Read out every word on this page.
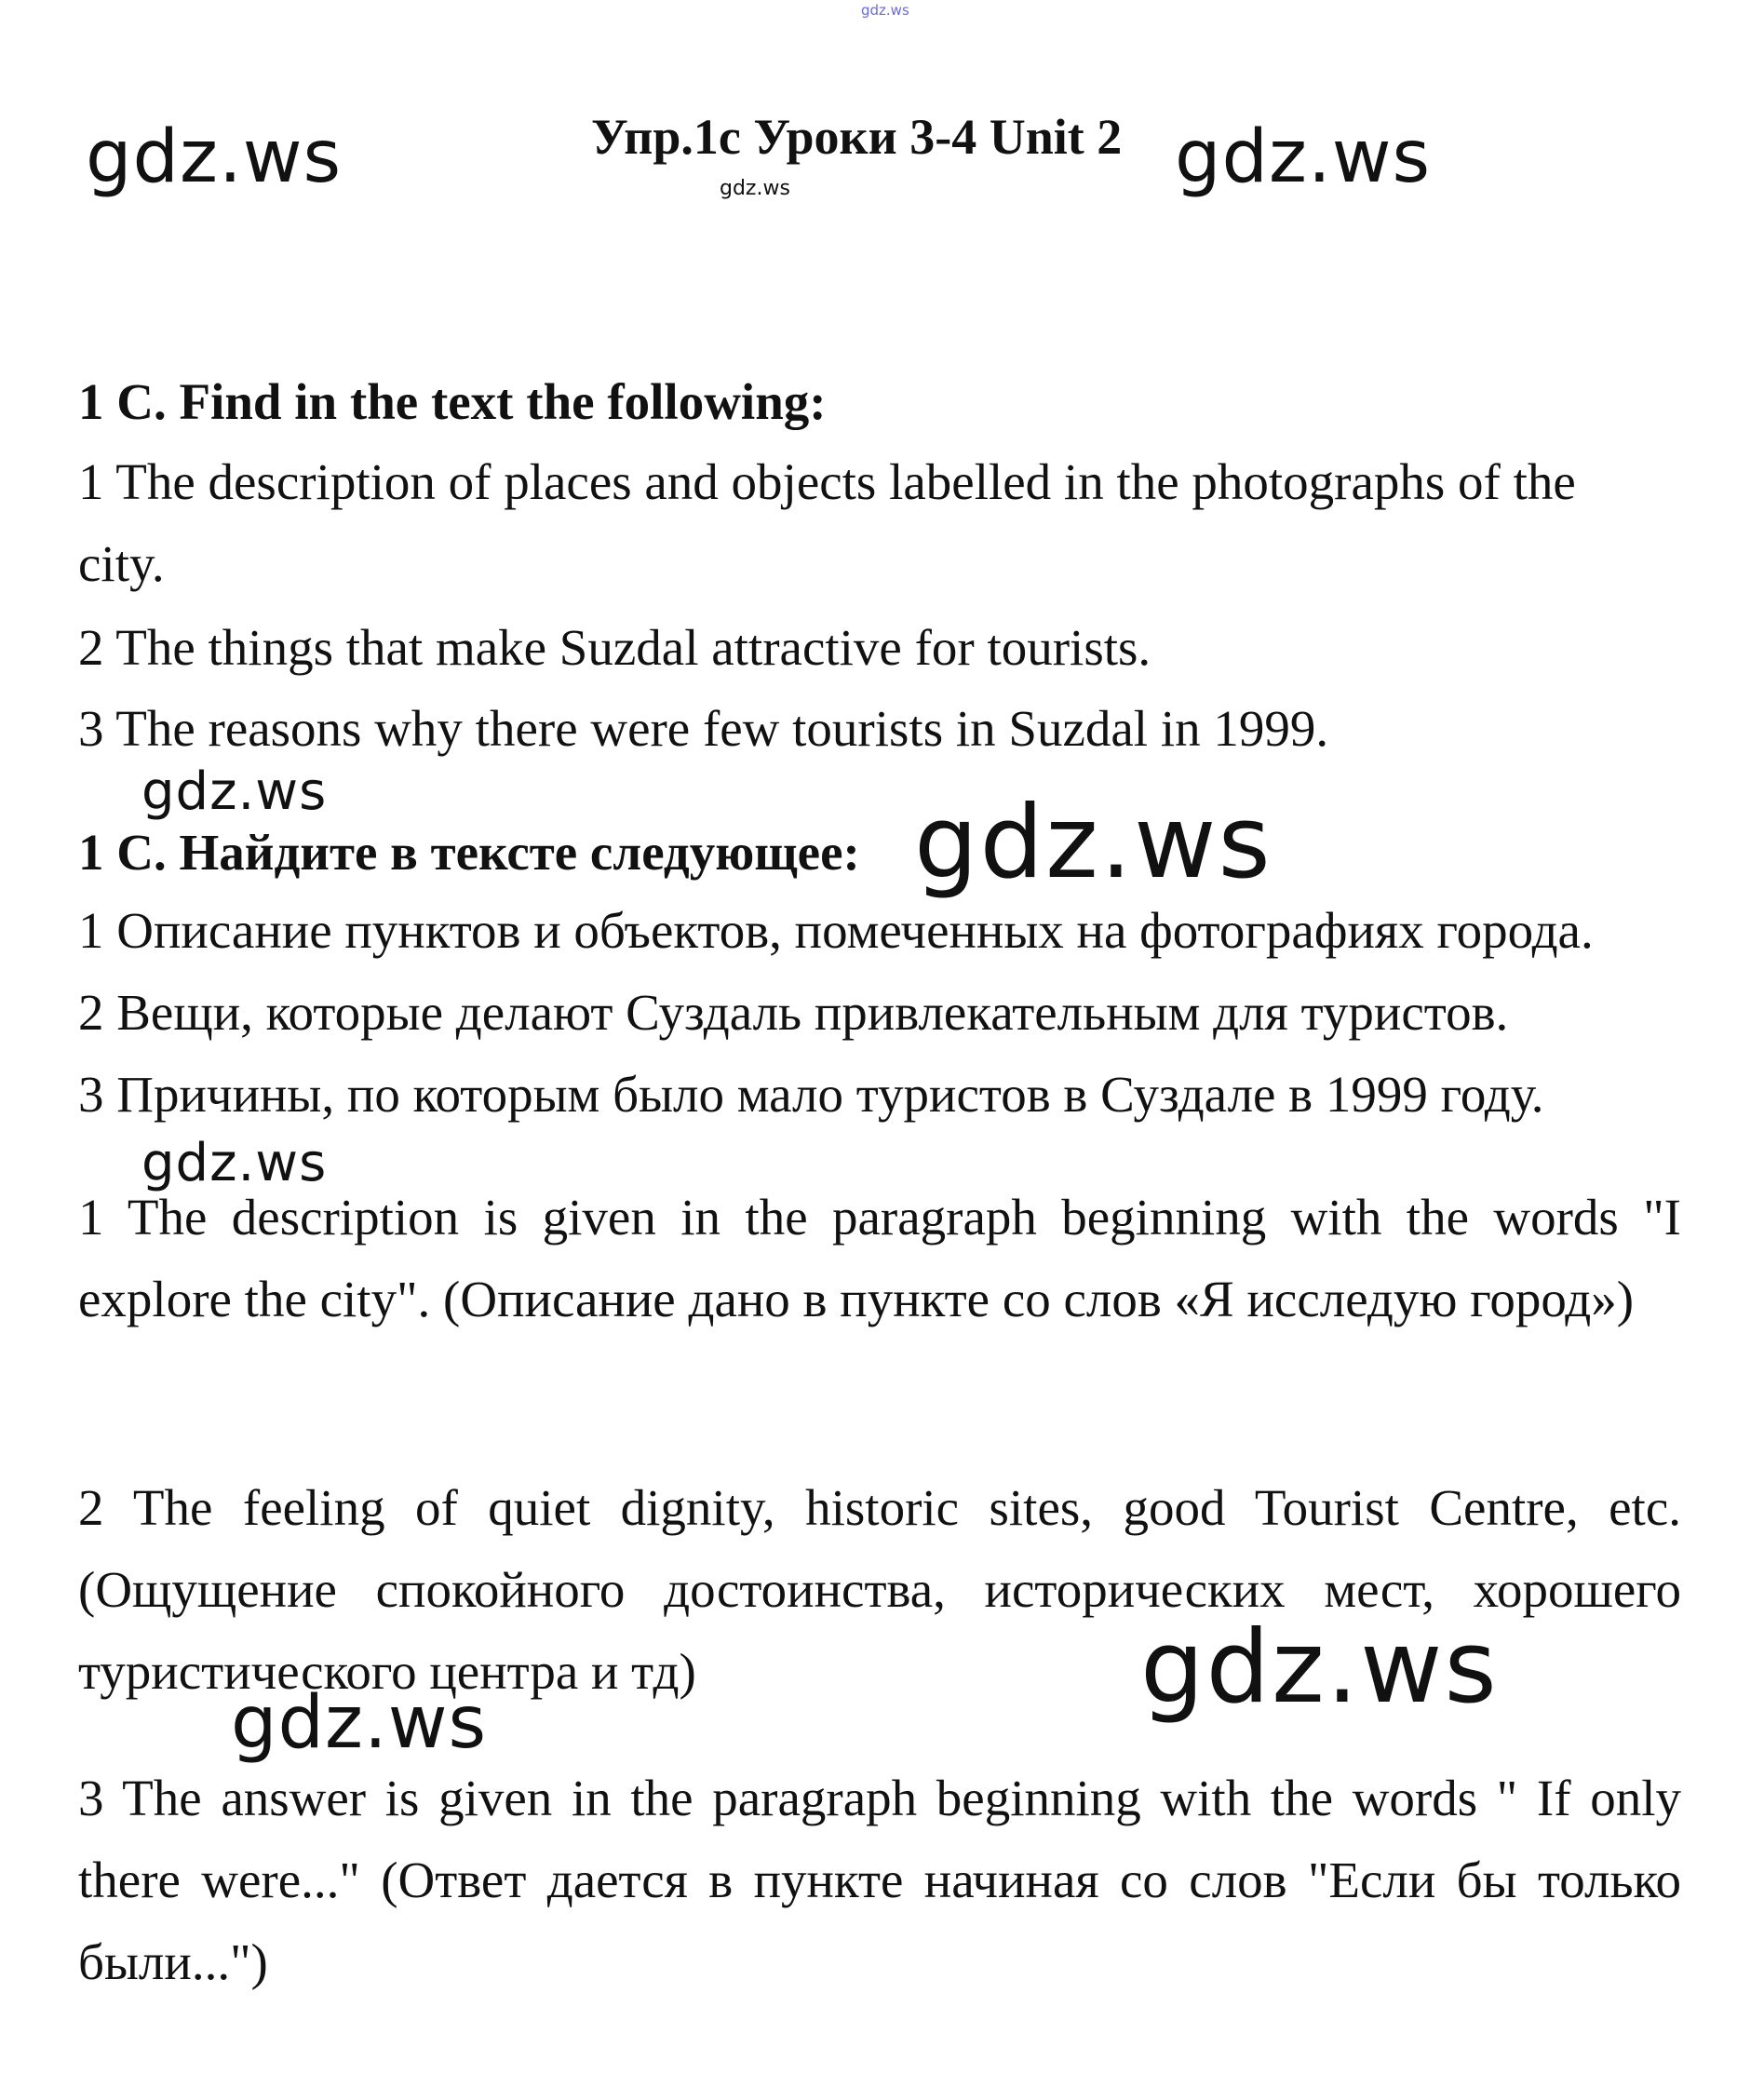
gdz.ws
gdz.ws	gdz.ws
gdz.ws
Упр.1c Уроки 3-4 Unit 2
1 C. Find in the text the following:
1 The description of places and objects labelled in the photographs of the
city.
2 The things that make Suzdal attractive for tourists.
3 The reasons why there were few tourists in Suzdal in 1999.
gdz.ws
1 C. Найдите в тексте следующее: gdz.ws
1 Описание пунктов и объектов, помеченных на фотографиях города.
2 Вещи, которые делают Суздаль привлекательным для туристов.
3 Причины, по которым было мало туристов в Суздале в 1999 году.
gdz.ws
1 The description is given in the paragraph beginning with the words "I explore the city". (Описание дано в пункте со слов «Я исследую город»)
2 The feeling of quiet dignity, historic sites, good Tourist Centre, etc. (Ощущение спокойного достоинства, исторических мест, хорошего туристического центра и тд)	gdz.ws
gdz.ws
3 The answer is given in the paragraph beginning with the words " If only there were..." (Ответ дается в пункте начиная со слов "Если бы только были...")
